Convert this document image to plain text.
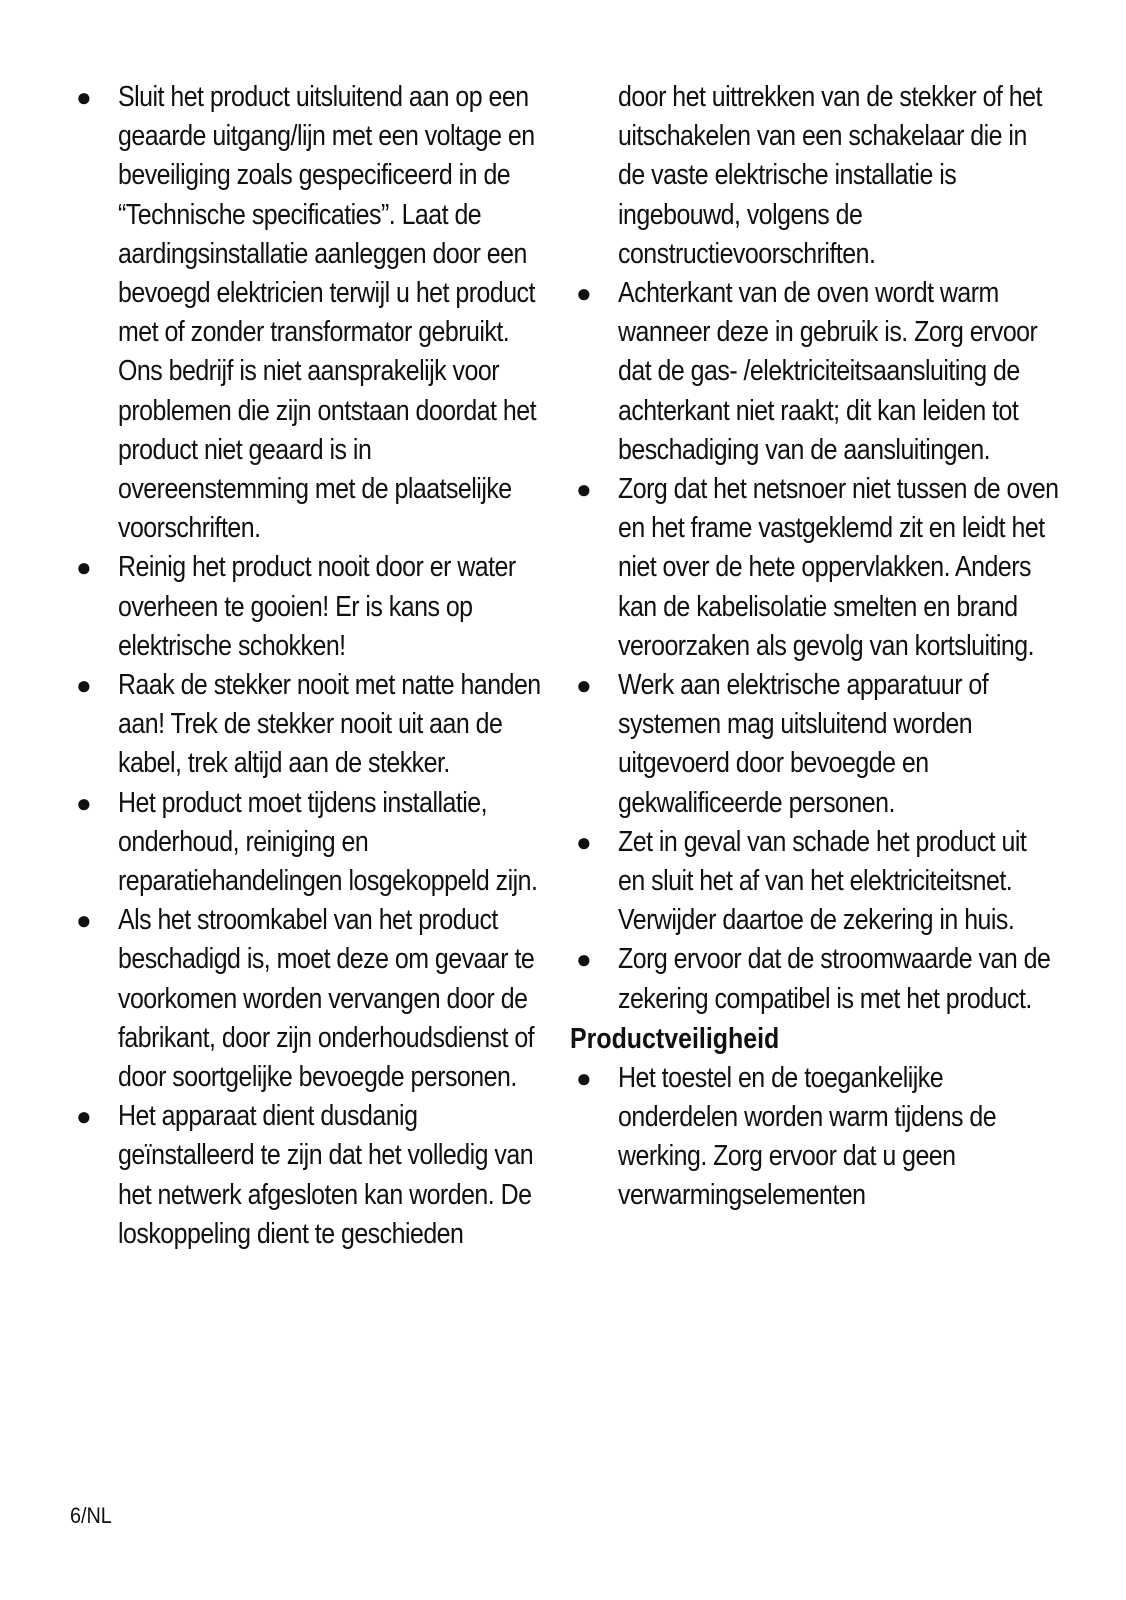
● Sluit het product uitsluitend aan op een geaarde uitgang/lijn met een voltage en beveiliging zoals gespecificeerd in de “Technische specificaties”. Laat de aardingsinstallatie aanleggen door een bevoegd elektricien terwijl u het product met of zonder transformator gebruikt. Ons bedrijf is niet aansprakelijk voor problemen die zijn ontstaan doordat het product niet geaard is in overeenstemming met de plaatselijke voorschriften.
● Reinig het product nooit door er water overheen te gooien! Er is kans op elektrische schokken!
● Raak de stekker nooit met natte handen aan! Trek de stekker nooit uit aan de kabel, trek altijd aan de stekker.
● Het product moet tijdens installatie, onderhoud, reiniging en reparatiehandelingen losgekoppeld zijn.
● Als het stroomkabel van het product beschadigd is, moet deze om gevaar te voorkomen worden vervangen door de fabrikant, door zijn onderhoudsdienst of door soortgelijke bevoegde personen.
● Het apparaat dient dusdanig geïnstalleerd te zijn dat het volledig van het netwerk afgesloten kan worden. De loskoppeling dient te geschieden
door het uittrekken van de stekker of het uitschakelen van een schakelaar die in de vaste elektrische installatie is ingebouwd, volgens de constructievoorschriften.
● Achterkant van de oven wordt warm wanneer deze in gebruik is. Zorg ervoor dat de gas- /elektriciteitsaansluiting de achterkant niet raakt; dit kan leiden tot beschadiging van de aansluitingen.
● Zorg dat het netsnoer niet tussen de oven en het frame vastgeklemd zit en leidt het niet over de hete oppervlakken. Anders kan de kabelisolatie smelten en brand veroorzaken als gevolg van kortsluiting.
● Werk aan elektrische apparatuur of systemen mag uitsluitend worden uitgevoerd door bevoegde en gekwalificeerde personen.
● Zet in geval van schade het product uit en sluit het af van het elektriciteitsnet. Verwijder daartoe de zekering in huis.
● Zorg ervoor dat de stroomwaarde van de zekering compatibel is met het product.
Productveiligheid
● Het toestel en de toegankelijke onderdelen worden warm tijdens de werking. Zorg ervoor dat u geen verwarmingselementen
6/NL
